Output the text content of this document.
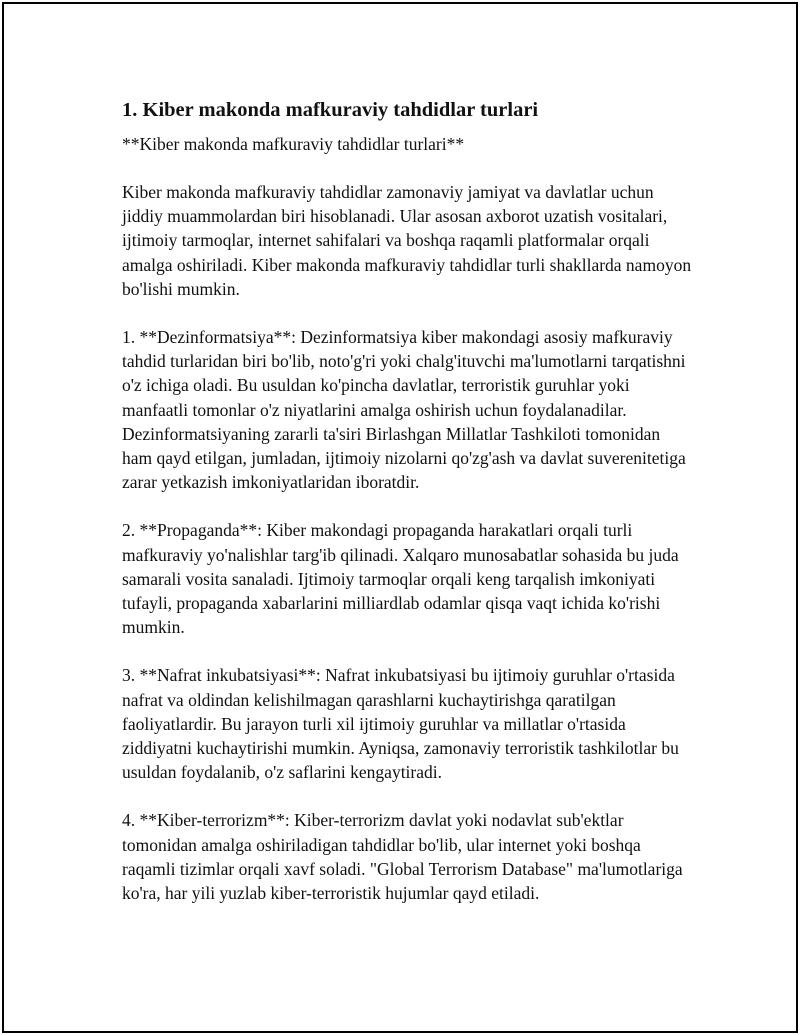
1. Kiber makonda mafkuraviy tahdidlar turlari

**Kiber makonda mafkuraviy tahdidlar turlari**

Kiber makonda mafkuraviy tahdidlar zamonaviy jamiyat va davlatlar uchun jiddiy muammolardan biri hisoblanadi. Ular asosan axborot uzatish vositalari, ijtimoiy tarmoqlar, internet sahifalari va boshqa raqamli platformalar orqali amalga oshiriladi. Kiber makonda mafkuraviy tahdidlar turli shakllarda namoyon bo'lishi mumkin.

1. **Dezinformatsiya**: Dezinformatsiya kiber makondagi asosiy mafkuraviy tahdid turlaridan biri bo'lib, noto'g'ri yoki chalg'ituvchi ma'lumotlarni tarqatishni o'z ichiga oladi. Bu usuldan ko'pincha davlatlar, terroristik guruhlar yoki manfaatli tomonlar o'z niyatlarini amalga oshirish uchun foydalanadilar. Dezinformatsiyaning zararli ta'siri Birlashgan Millatlar Tashkiloti tomonidan ham qayd etilgan, jumladan, ijtimoiy nizolarni qo'zg'ash va davlat suverenitetiga zarar yetkazish imkoniyatlaridan iboratdir.

2. **Propaganda**: Kiber makondagi propaganda harakatlari orqali turli mafkuraviy yo'nalishlar targ'ib qilinadi. Xalqaro munosabatlar sohasida bu juda samarali vosita sanaladi. Ijtimoiy tarmoqlar orqali keng tarqalish imkoniyati tufayli, propaganda xabarlarini milliardlab odamlar qisqa vaqt ichida ko'rishi mumkin.

3. **Nafrat inkubatsiyasi**: Nafrat inkubatsiyasi bu ijtimoiy guruhlar o'rtasida nafrat va oldindan kelishilmagan qarashlarni kuchaytirishga qaratilgan faoliyatlardir. Bu jarayon turli xil ijtimoiy guruhlar va millatlar o'rtasida ziddiyatni kuchaytirishi mumkin. Ayniqsa, zamonaviy terroristik tashkilotlar bu usuldan foydalanib, o'z saflarini kengaytiradi.

4. **Kiber-terrorizm**: Kiber-terrorizm davlat yoki nodavlat sub'ektlar tomonidan amalga oshiriladigan tahdidlar bo'lib, ular internet yoki boshqa raqamli tizimlar orqali xavf soladi. "Global Terrorism Database" ma'lumotlariga ko'ra, har yili yuzlab kiber-terroristik hujumlar qayd etiladi.
